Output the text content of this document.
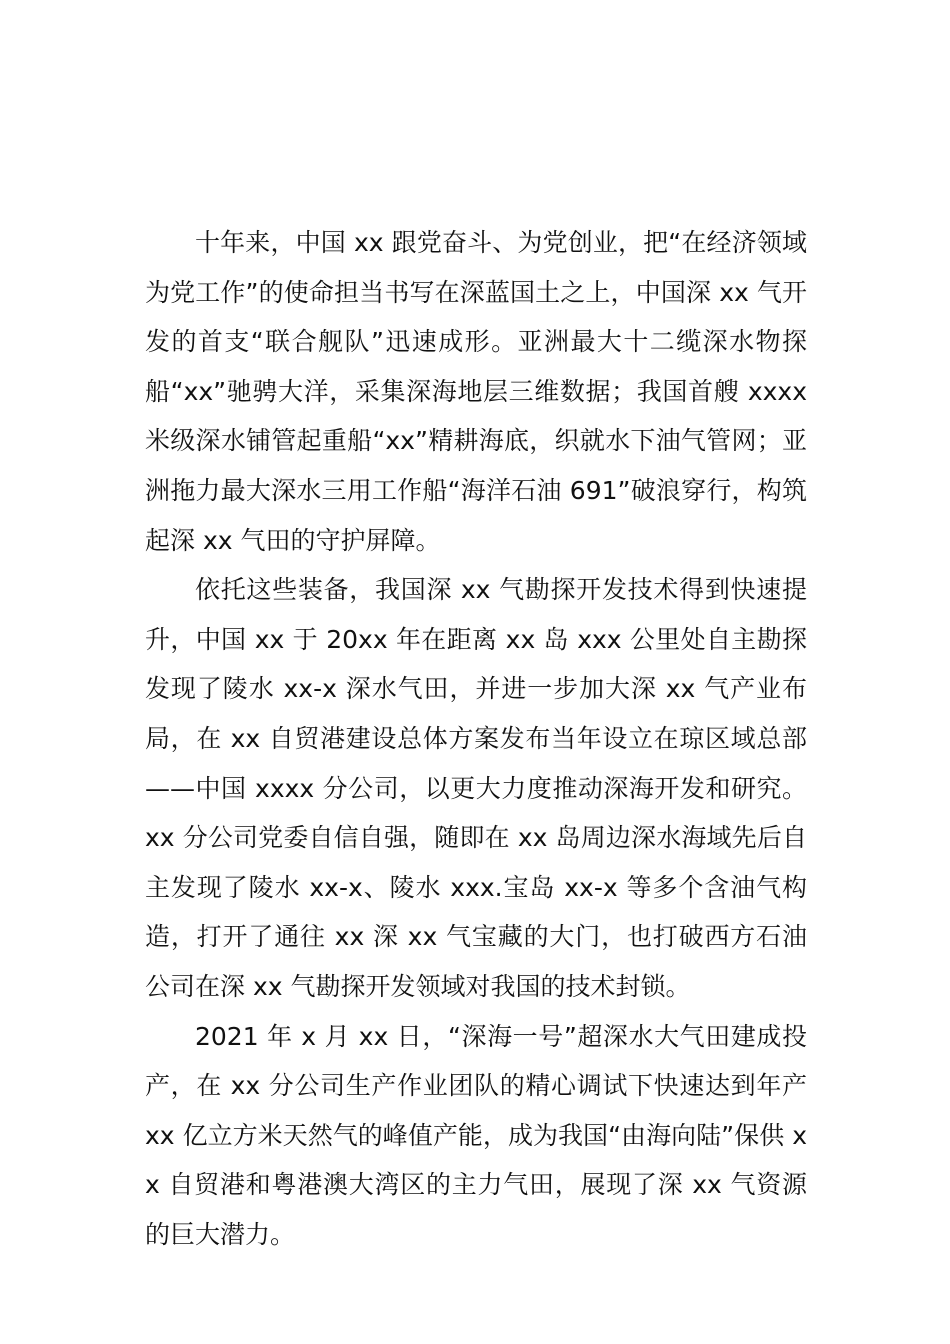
十年来，中国 xx 跟党奋斗、为党创业，把“在经济领域为党工作”的使命担当书写在深蓝国土之上，中国深 xx 气开发的首支“联合舰队”迅速成形。亚洲最大十二缆深水物探船“xx”驰骋大洋，采集深海地层三维数据；我国首艘 xxxx 米级深水铺管起重船“xx”精耕海底，织就水下油气管网；亚洲拖力最大深水三用工作船“海洋石油 691”破浪穿行，构筑起深 xx 气田的守护屏障。

依托这些装备，我国深 xx 气勘探开发技术得到快速提升，中国 xx 于 20xx 年在距离 xx 岛 xxx 公里处自主勘探发现了陵水 xx-x 深水气田，并进一步加大深 xx 气产业布局，在 xx 自贸港建设总体方案发布当年设立在琼区域总部——中国 xxxx 分公司，以更大力度推动深海开发和研究。xx 分公司党委自信自强，随即在 xx 岛周边深水海域先后自主发现了陵水 xx-x、陵水 xxx.宝岛 xx-x 等多个含油气构造，打开了通往 xx 深 xx 气宝藏的大门，也打破西方石油公司在深 xx 气勘探开发领域对我国的技术封锁。

2021 年 x 月 xx 日，“深海一号”超深水大气田建成投产，在 xx 分公司生产作业团队的精心调试下快速达到年产 xx 亿立方米天然气的峰值产能，成为我国“由海向陆”保供 xx 自贸港和粤港澳大湾区的主力气田，展现了深 xx 气资源的巨大潜力。
